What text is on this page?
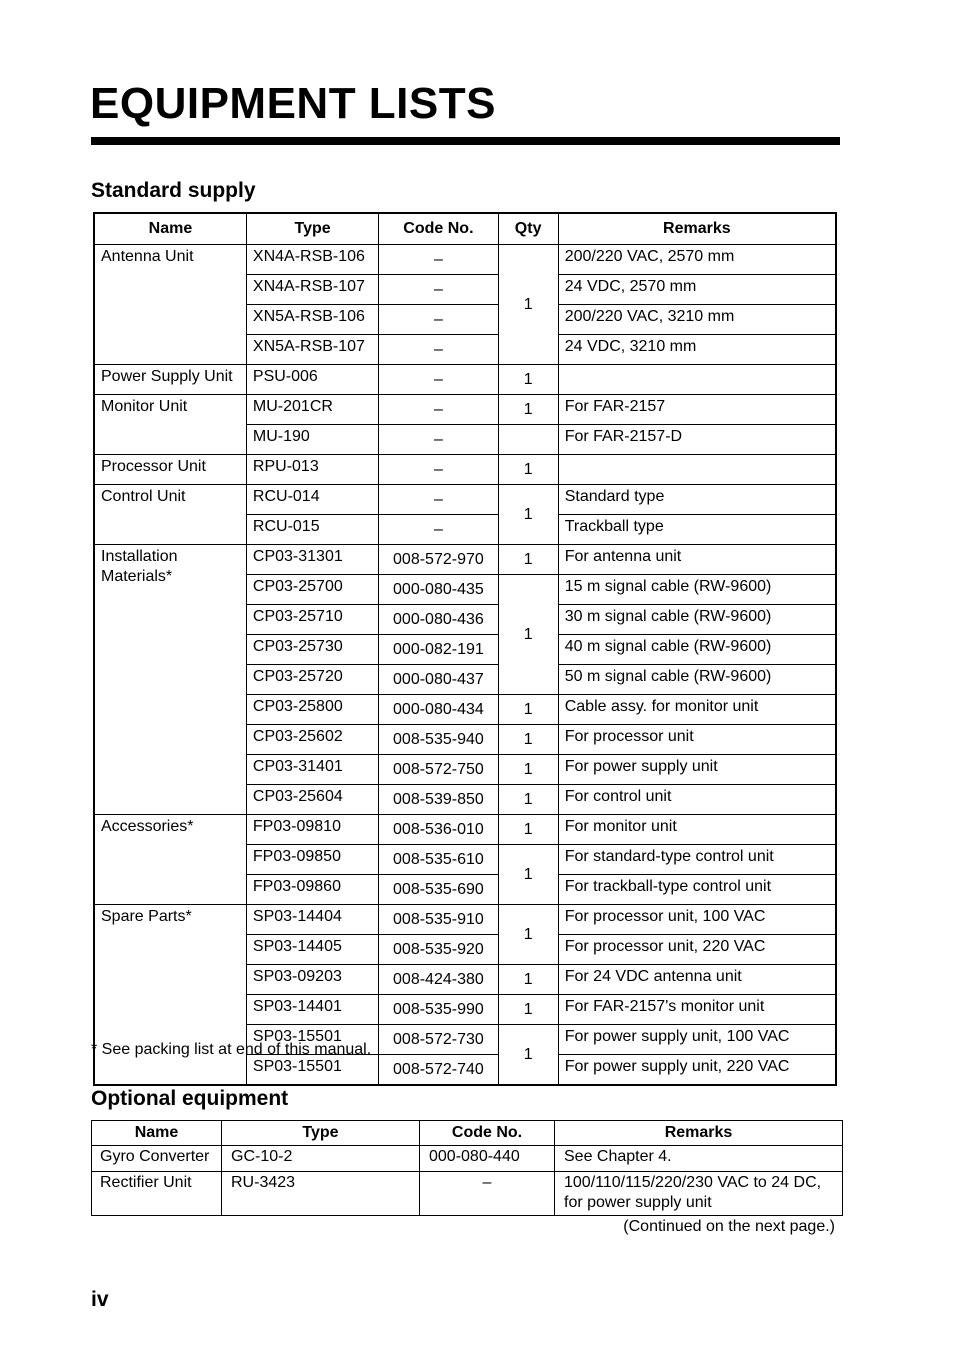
EQUIPMENT LISTS
Standard supply
Name	Type	Code No.	Qty	Remarks
Antenna Unit	XN4A-RSB-106	–	1	200/220 VAC, 2570 mm
	XN4A-RSB-107	–		24 VDC, 2570 mm
	XN5A-RSB-106	–		200/220 VAC, 3210 mm
	XN5A-RSB-107	–		24 VDC, 3210 mm
Power Supply Unit	PSU-006	–	1	
Monitor Unit	MU-201CR	–	1	For FAR-2157
	MU-190	–		For FAR-2157-D
Processor Unit	RPU-013	–	1	
Control Unit	RCU-014	–	1	Standard type
	RCU-015	–		Trackball type
Installation Materials*	CP03-31301	008-572-970	1	For antenna unit
	CP03-25700	000-080-435	1	15 m signal cable (RW-9600)
	CP03-25710	000-080-436		30 m signal cable (RW-9600)
	CP03-25730	000-082-191		40 m signal cable (RW-9600)
	CP03-25720	000-080-437		50 m signal cable (RW-9600)
	CP03-25800	000-080-434	1	Cable assy. for monitor unit
	CP03-25602	008-535-940	1	For processor unit
	CP03-31401	008-572-750	1	For power supply unit
	CP03-25604	008-539-850	1	For control unit
Accessories*	FP03-09810	008-536-010	1	For monitor unit
	FP03-09850	008-535-610	1	For standard-type control unit
	FP03-09860	008-535-690		For trackball-type control unit
Spare Parts*	SP03-14404	008-535-910	1	For processor unit, 100 VAC
	SP03-14405	008-535-920		For processor unit, 220 VAC
	SP03-09203	008-424-380	1	For 24 VDC antenna unit
	SP03-14401	008-535-990	1	For FAR-2157's monitor unit
	SP03-15501	008-572-730	1	For power supply unit, 100 VAC
	SP03-15501	008-572-740		For power supply unit, 220 VAC
* See packing list at end of this manual.
Optional equipment
Name	Type	Code No.	Remarks
Gyro Converter	GC-10-2	000-080-440	See Chapter 4.
Rectifier Unit	RU-3423	–	100/110/115/220/230 VAC to 24 DC,
for power supply unit
(Continued on the next page.)
iv
